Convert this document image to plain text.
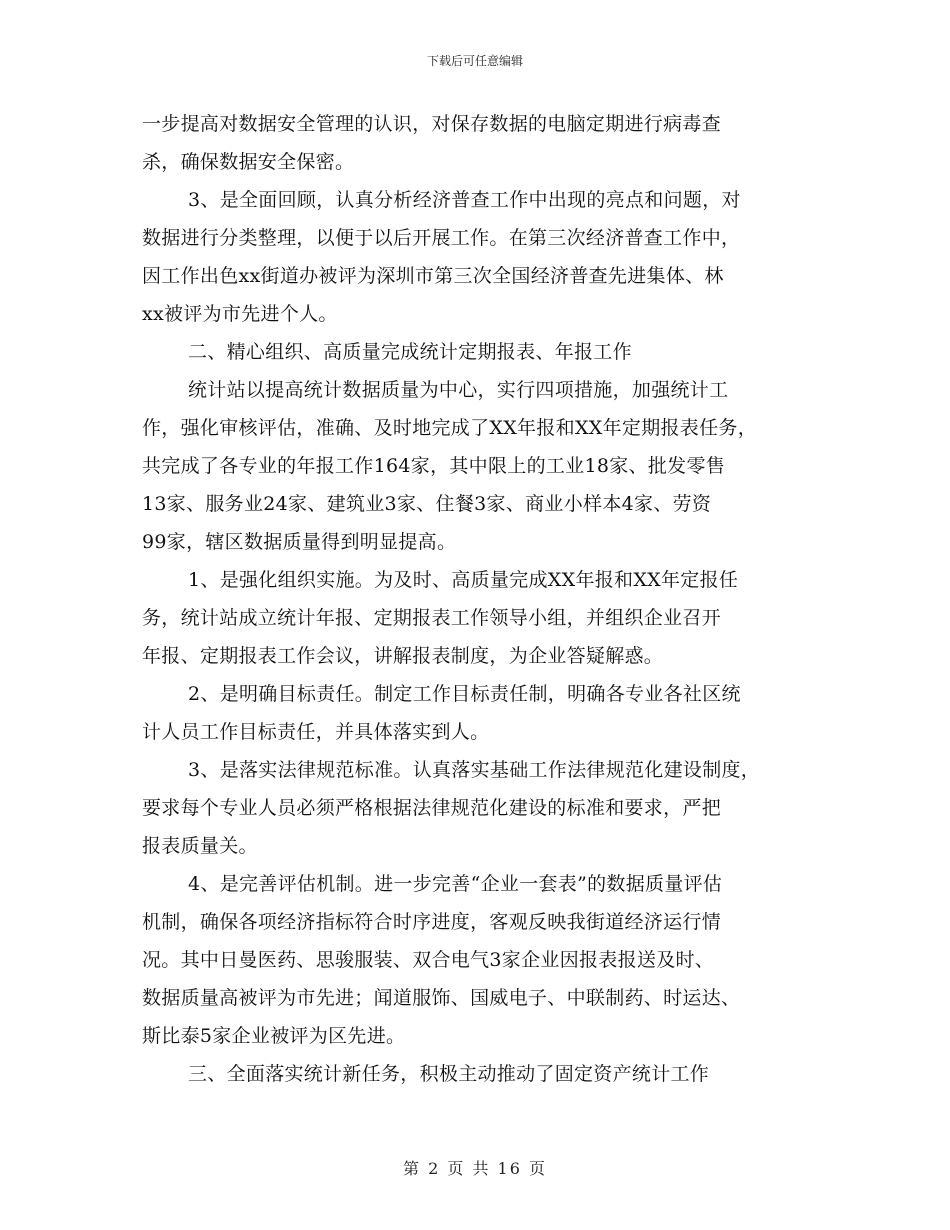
下载后可任意编辑
一步提高对数据安全管理的认识，对保存数据的电脑定期进行病毒查
杀，确保数据安全保密。
3、是全面回顾，认真分析经济普查工作中出现的亮点和问题，对
数据进行分类整理，以便于以后开展工作。在第三次经济普查工作中，
因工作出色xx街道办被评为深圳市第三次全国经济普查先进集体、林
xx被评为市先进个人。
二、精心组织、高质量完成统计定期报表、年报工作
统计站以提高统计数据质量为中心，实行四项措施，加强统计工
作，强化审核评估，准确、及时地完成了XX年报和XX年定期报表任务，
共完成了各专业的年报工作164家，其中限上的工业18家、批发零售
13家、服务业24家、建筑业3家、住餐3家、商业小样本4家、劳资
99家，辖区数据质量得到明显提高。
1、是强化组织实施。为及时、高质量完成XX年报和XX年定报任
务，统计站成立统计年报、定期报表工作领导小组，并组织企业召开
年报、定期报表工作会议，讲解报表制度，为企业答疑解惑。
2、是明确目标责任。制定工作目标责任制，明确各专业各社区统
计人员工作目标责任，并具体落实到人。
3、是落实法律规范标准。认真落实基础工作法律规范化建设制度，
要求每个专业人员必须严格根据法律规范化建设的标准和要求，严把
报表质量关。
4、是完善评估机制。进一步完善“企业一套表”的数据质量评估
机制，确保各项经济指标符合时序进度，客观反映我街道经济运行情
况。其中日曼医药、思骏服装、双合电气3家企业因报表报送及时、
数据质量高被评为市先进；闻道服饰、国威电子、中联制药、时运达、
斯比泰5家企业被评为区先进。
三、全面落实统计新任务，积极主动推动了固定资产统计工作
第 2 页 共 16 页
